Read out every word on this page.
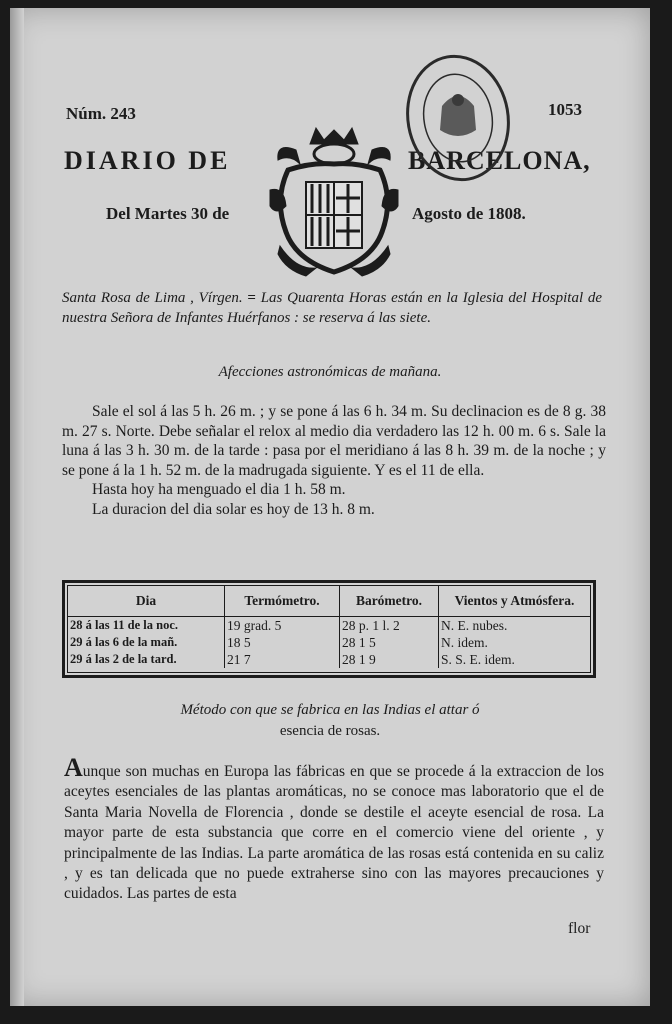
Núm. 243	1053
DIARIO DE	BARCELONA,
Del Martes 30 de	Agosto de 1808.
Santa Rosa de Lima , Vírgen. = Las Quarenta Horas están en la Iglesia del Hospital de nuestra Señora de Infantes Huérfanos : se reserva á las siete.
Afecciones astronómicas de mañana.

Sale el sol á las 5 h. 26 m. ; y se pone á las 6 h. 34 m. Su declinacion es de 8 g. 38 m. 27 s. Norte. Debe señalar el relox al medio dia verdadero las 12 h. 00 m. 6 s. Sale la luna á las 3 h. 30 m. de la tarde : pasa por el meridiano á las 8 h. 39 m. de la noche ; y se pone á la 1 h. 52 m. de la madrugada siguiente. Y es el 11 de ella.

Hasta hoy ha menguado el dia 1 h. 58 m.

La duracion del dia solar es hoy de 13 h. 8 m.

Dia	Termómetro.	Barómetro.	Vientos y Atmósfera.
28 á las 11 de la noc.	19 grad. 5	28 p. 1 l. 2	N. E. nubes.
29 á las 6 de la mañ.	18 5	28 1 5	N. idem.
29 á las 2 de la tard.	21 7	28 1 9	S. S. E. idem.
Método con que se fabrica en las Indias el attar ó
esencia de rosas.
Aunque son muchas en Europa las fábricas en que se procede á la extraccion de los aceytes esenciales de las plantas aromáticas, no se conoce mas laboratorio que el de Santa Maria Novella de Florencia , donde se destile el aceyte esencial de rosa. La mayor parte de esta substancia que corre en el comercio viene del oriente , y principalmente de las Indias. La parte aromática de las rosas está contenida en su caliz , y es tan delicada que no puede extraherse sino con las mayores precauciones y cuidados. Las partes de esta
flor
